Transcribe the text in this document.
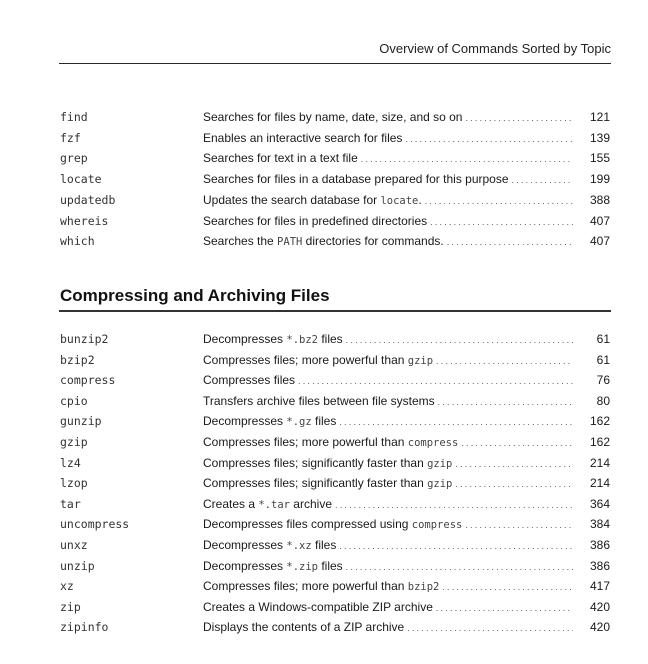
Overview of Commands Sorted by Topic
find	Searches for files by name, date, size, and so on .....	121
fzf	Enables an interactive search for files .....	139
grep	Searches for text in a text file .....	155
locate	Searches for files in a database prepared for this purpose .....	199
updatedb	Updates the search database for locate. .....	388
whereis	Searches for files in predefined directories .....	407
which	Searches the PATH directories for commands. .....	407
Compressing and Archiving Files
bunzip2	Decompresses *.bz2 files .....	61
bzip2	Compresses files; more powerful than gzip .....	61
compress	Compresses files .....	76
cpio	Transfers archive files between file systems .....	80
gunzip	Decompresses *.gz files .....	162
gzip	Compresses files; more powerful than compress .....	162
lz4	Compresses files; significantly faster than gzip .....	214
lzop	Compresses files; significantly faster than gzip .....	214
tar	Creates a *.tar archive .....	364
uncompress	Decompresses files compressed using compress .....	384
unxz	Decompresses *.xz files .....	386
unzip	Decompresses *.zip files .....	386
xz	Compresses files; more powerful than bzip2 .....	417
zip	Creates a Windows-compatible ZIP archive .....	420
zipinfo	Displays the contents of a ZIP archive .....	420
